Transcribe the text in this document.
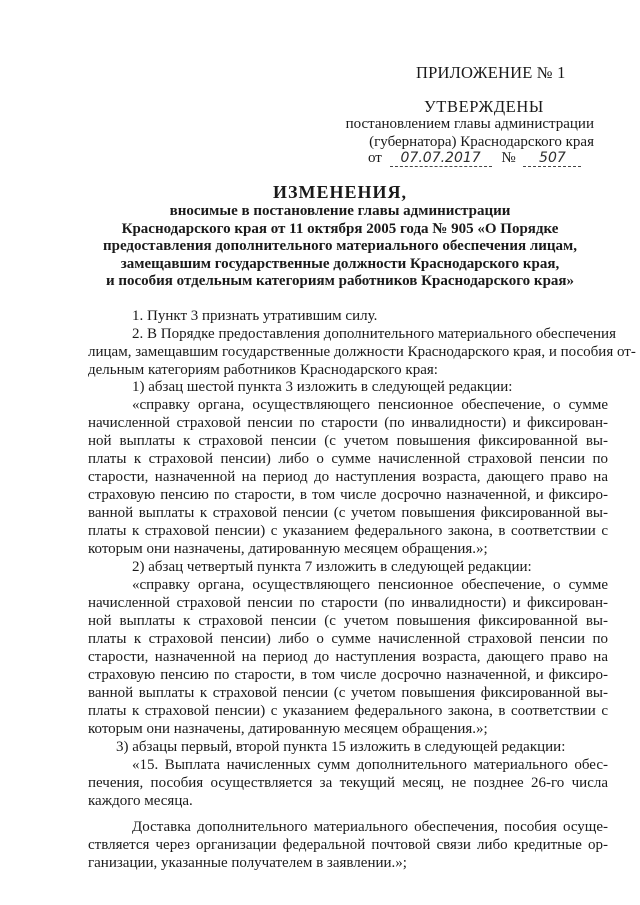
ПРИЛОЖЕНИЕ № 1
УТВЕРЖДЕНЫ
постановлением главы администрации
(губернатора) Краснодарского края
от 07.07.2017 № 507
ИЗМЕНЕНИЯ,
вносимые в постановление главы администрации
Краснодарского края от 11 октября 2005 года № 905 «О Порядке
предоставления дополнительного материального обеспечения лицам,
замещавшим государственные должности Краснодарского края,
и пособия отдельным категориям работников Краснодарского края»
1. Пункт 3 признать утратившим силу.
2. В Порядке предоставления дополнительного материального обеспечения
лицам, замещавшим государственные должности Краснодарского края, и пособия от-
дельным категориям работников Краснодарского края:
1) абзац шестой пункта 3 изложить в следующей редакции:
«справку органа, осуществляющего пенсионное обеспечение, о сумме
начисленной страховой пенсии по старости (по инвалидности) и фиксирован-
ной выплаты к страховой пенсии (с учетом повышения фиксированной вы-
платы к страховой пенсии) либо о сумме начисленной страховой пенсии по
старости, назначенной на период до наступления возраста, дающего право на
страховую пенсию по старости, в том числе досрочно назначенной, и фиксиро-
ванной выплаты к страховой пенсии (с учетом повышения фиксированной вы-
платы к страховой пенсии) с указанием федерального закона, в соответствии с
которым они назначены, датированную месяцем обращения.»;
2) абзац четвертый пункта 7 изложить в следующей редакции:
«справку органа, осуществляющего пенсионное обеспечение, о сумме
начисленной страховой пенсии по старости (по инвалидности) и фиксирован-
ной выплаты к страховой пенсии (с учетом повышения фиксированной вы-
платы к страховой пенсии) либо о сумме начисленной страховой пенсии по
старости, назначенной на период до наступления возраста, дающего право на
страховую пенсию по старости, в том числе досрочно назначенной, и фиксиро-
ванной выплаты к страховой пенсии (с учетом повышения фиксированной вы-
платы к страховой пенсии) с указанием федерального закона, в соответствии с
которым они назначены, датированную месяцем обращения.»;
3) абзацы первый, второй пункта 15 изложить в следующей редакции:
«15. Выплата начисленных сумм дополнительного материального обес-
печения, пособия осуществляется за текущий месяц, не позднее 26-го числа
каждого месяца.
Доставка дополнительного материального обеспечения, пособия осуще-
ствляется через организации федеральной почтовой связи либо кредитные ор-
ганизации, указанные получателем в заявлении.»;
